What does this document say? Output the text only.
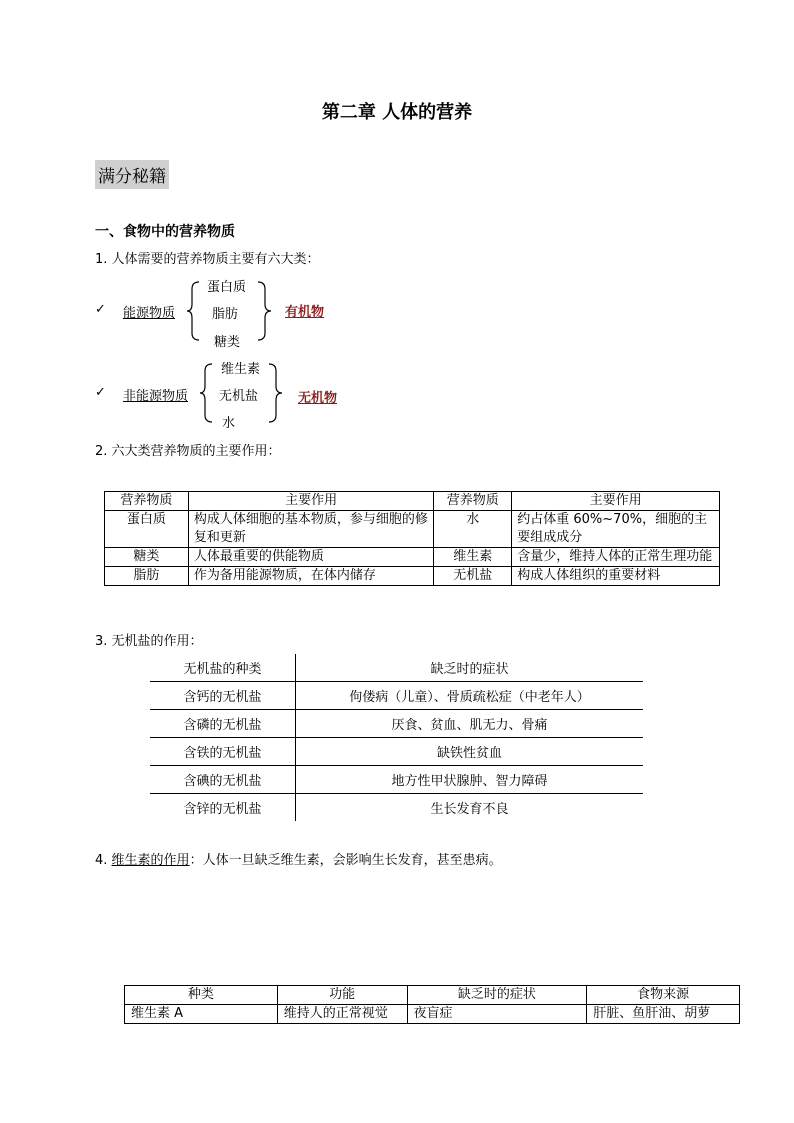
第二章 人体的营养
满分秘籍
一、食物中的营养物质
1. 人体需要的营养物质主要有六大类：
✓ 能源物质
蛋白质
脂肪
糖类
有机物
✓ 非能源物质
维生素
无机盐
水
无机物
2. 六大类营养物质的主要作用：
营养物质	主要作用	营养物质	主要作用
蛋白质	构成人体细胞的基本物质，参与细胞的修复和更新	水	约占体重 60%~70%，细胞的主要组成成分
糖类	人体最重要的供能物质	维生素	含量少，维持人体的正常生理功能
脂肪	作为备用能源物质，在体内储存	无机盐	构成人体组织的重要材料
3. 无机盐的作用：
无机盐的种类	缺乏时的症状
含钙的无机盐	佝偻病（儿童）、骨质疏松症（中老年人）
含磷的无机盐	厌食、贫血、肌无力、骨痛
含铁的无机盐	缺铁性贫血
含碘的无机盐	地方性甲状腺肿、智力障碍
含锌的无机盐	生长发育不良
4. 维生素的作用：人体一旦缺乏维生素，会影响生长发育，甚至患病。
种类	功能	缺乏时的症状	食物来源
维生素 A	维持人的正常视觉	夜盲症	肝脏、鱼肝油、胡萝
